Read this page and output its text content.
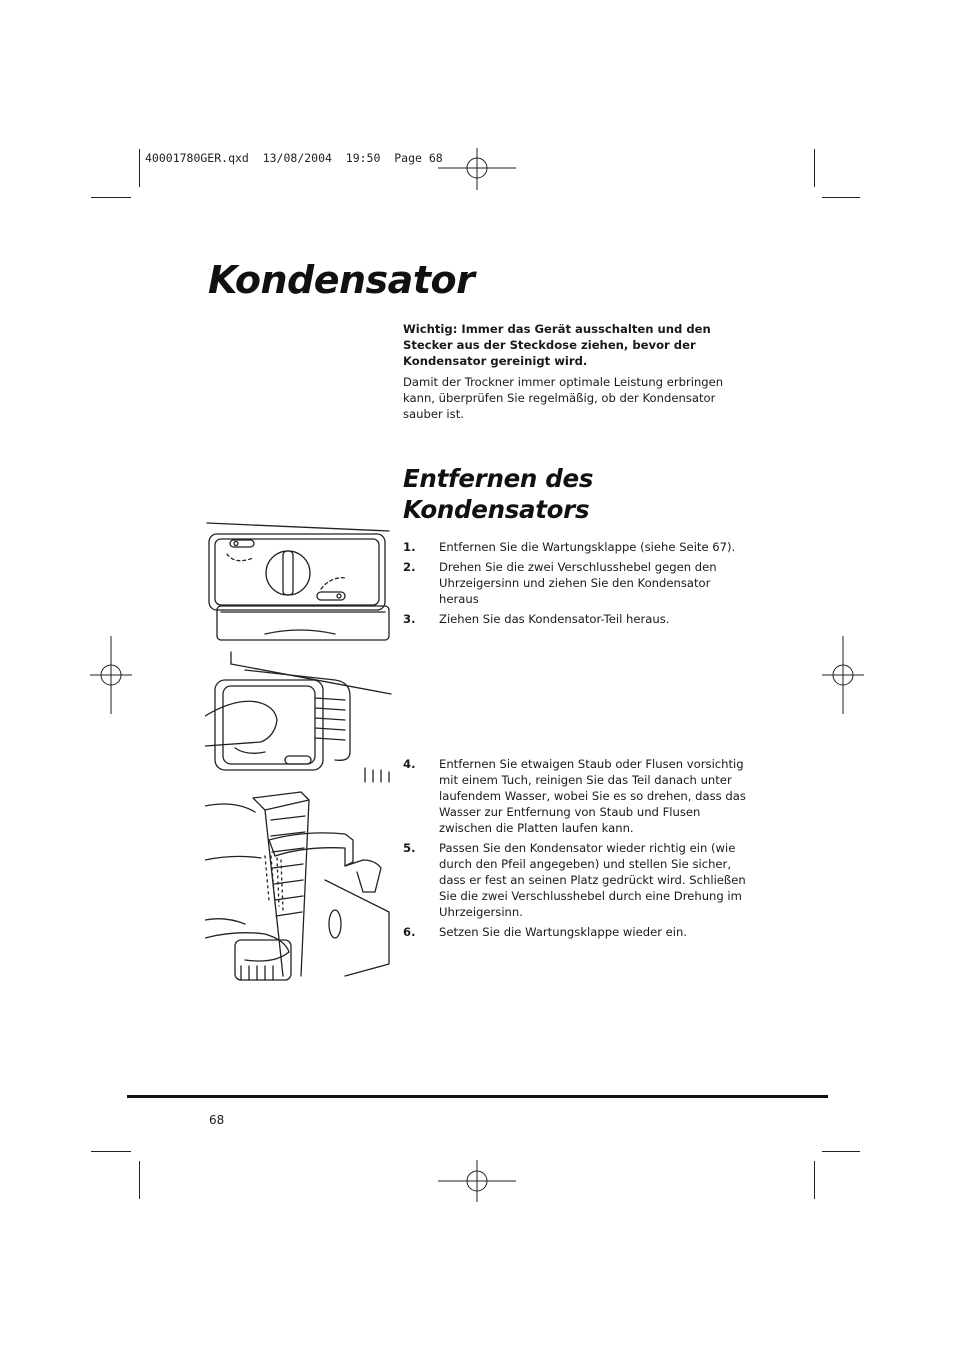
40001780GER.qxd  13/08/2004  19:50  Page 68
Kondensator

Wichtig: Immer das Gerät ausschalten und den Stecker aus der Steckdose ziehen, bevor der Kondensator gereinigt wird.

Damit der Trockner immer optimale Leistung erbringen kann, überprüfen Sie regelmäßig, ob der Kondensator sauber ist.

Entfernen des
Kondensators
1. Entfernen Sie die Wartungsklappe (siehe Seite 67).
2. Drehen Sie die zwei Verschlusshebel gegen den Uhrzeigersinn und ziehen Sie den Kondensator heraus
3. Ziehen Sie das Kondensator-Teil heraus.
4. Entfernen Sie etwaigen Staub oder Flusen vorsichtig mit einem Tuch, reinigen Sie das Teil danach unter laufendem Wasser, wobei Sie es so drehen, dass das Wasser zur Entfernung von Staub und Flusen zwischen die Platten laufen kann.
5. Passen Sie den Kondensator wieder richtig ein (wie durch den Pfeil angegeben) und stellen Sie sicher, dass er fest an seinen Platz gedrückt wird. Schließen Sie die zwei Verschlusshebel durch eine Drehung im Uhrzeigersinn.
6. Setzen Sie die Wartungsklappe wieder ein.
68
